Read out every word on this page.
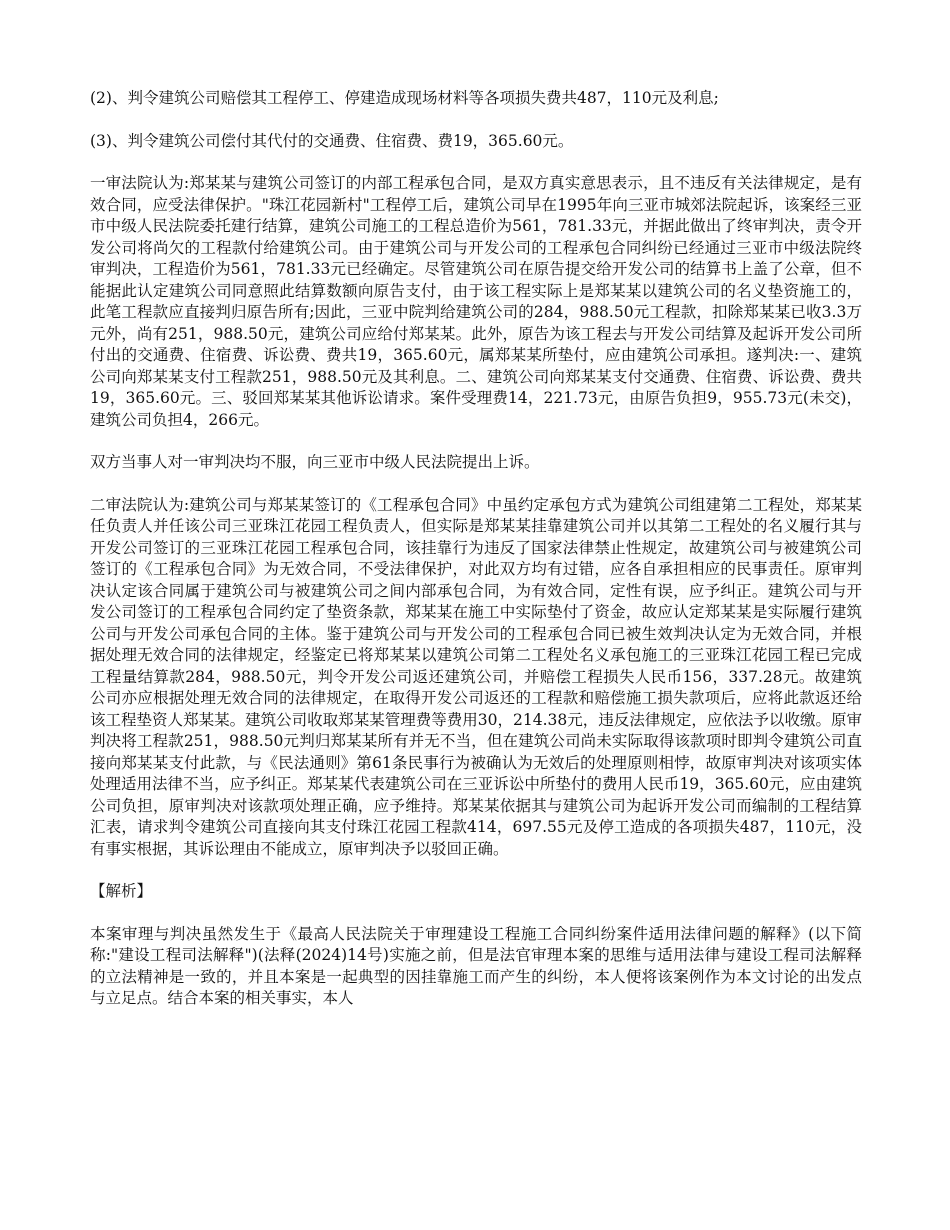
(2)、判令建筑公司赔偿其工程停工、停建造成现场材料等各项损失费共487，110元及利息;

(3)、判令建筑公司偿付其代付的交通费、住宿费、费19，365.60元。

一审法院认为:郑某某与建筑公司签订的内部工程承包合同，是双方真实意思表示，且不违反有关法律规定，是有效合同，应受法律保护。"珠江花园新村"工程停工后，建筑公司早在1995年向三亚市城郊法院起诉，该案经三亚市中级人民法院委托建行结算，建筑公司施工的工程总造价为561，781.33元，并据此做出了终审判决，责令开发公司将尚欠的工程款付给建筑公司。由于建筑公司与开发公司的工程承包合同纠纷已经通过三亚市中级法院终审判决，工程造价为561，781.33元已经确定。尽管建筑公司在原告提交给开发公司的结算书上盖了公章，但不能据此认定建筑公司同意照此结算数额向原告支付，由于该工程实际上是郑某某以建筑公司的名义垫资施工的，此笔工程款应直接判归原告所有;因此，三亚中院判给建筑公司的284，988.50元工程款，扣除郑某某已收3.3万元外，尚有251，988.50元，建筑公司应给付郑某某。此外，原告为该工程去与开发公司结算及起诉开发公司所付出的交通费、住宿费、诉讼费、费共19，365.60元，属郑某某所垫付，应由建筑公司承担。遂判决:一、建筑公司向郑某某支付工程款251，988.50元及其利息。二、建筑公司向郑某某支付交通费、住宿费、诉讼费、费共19，365.60元。三、驳回郑某某其他诉讼请求。案件受理费14，221.73元，由原告负担9，955.73元(未交)，建筑公司负担4，266元。

双方当事人对一审判决均不服，向三亚市中级人民法院提出上诉。

二审法院认为:建筑公司与郑某某签订的《工程承包合同》中虽约定承包方式为建筑公司组建第二工程处，郑某某任负责人并任该公司三亚珠江花园工程负责人，但实际是郑某某挂靠建筑公司并以其第二工程处的名义履行其与开发公司签订的三亚珠江花园工程承包合同，该挂靠行为违反了国家法律禁止性规定，故建筑公司与被建筑公司签订的《工程承包合同》为无效合同，不受法律保护，对此双方均有过错，应各自承担相应的民事责任。原审判决认定该合同属于建筑公司与被建筑公司之间内部承包合同，为有效合同，定性有误，应予纠正。建筑公司与开发公司签订的工程承包合同约定了垫资条款，郑某某在施工中实际垫付了资金，故应认定郑某某是实际履行建筑公司与开发公司承包合同的主体。鉴于建筑公司与开发公司的工程承包合同已被生效判决认定为无效合同，并根据处理无效合同的法律规定，经鉴定已将郑某某以建筑公司第二工程处名义承包施工的三亚珠江花园工程已完成工程量结算款284，988.50元，判令开发公司返还建筑公司，并赔偿工程损失人民币156，337.28元。故建筑公司亦应根据处理无效合同的法律规定，在取得开发公司返还的工程款和赔偿施工损失款项后，应将此款返还给该工程垫资人郑某某。建筑公司收取郑某某管理费等费用30，214.38元，违反法律规定，应依法予以收缴。原审判决将工程款251，988.50元判归郑某某所有并无不当，但在建筑公司尚未实际取得该款项时即判令建筑公司直接向郑某某支付此款，与《民法通则》第61条民事行为被确认为无效后的处理原则相悖，故原审判决对该项实体处理适用法律不当，应予纠正。郑某某代表建筑公司在三亚诉讼中所垫付的费用人民币19，365.60元，应由建筑公司负担，原审判决对该款项处理正确，应予维持。郑某某依据其与建筑公司为起诉开发公司而编制的工程结算汇表，请求判令建筑公司直接向其支付珠江花园工程款414，697.55元及停工造成的各项损失487，110元，没有事实根据，其诉讼理由不能成立，原审判决予以驳回正确。

【解析】

本案审理与判决虽然发生于《最高人民法院关于审理建设工程施工合同纠纷案件适用法律问题的解释》(以下简称:"建设工程司法解释")(法释(2024)14号)实施之前，但是法官审理本案的思维与适用法律与建设工程司法解释的立法精神是一致的，并且本案是一起典型的因挂靠施工而产生的纠纷，本人便将该案例作为本文讨论的出发点与立足点。结合本案的相关事实，本人
